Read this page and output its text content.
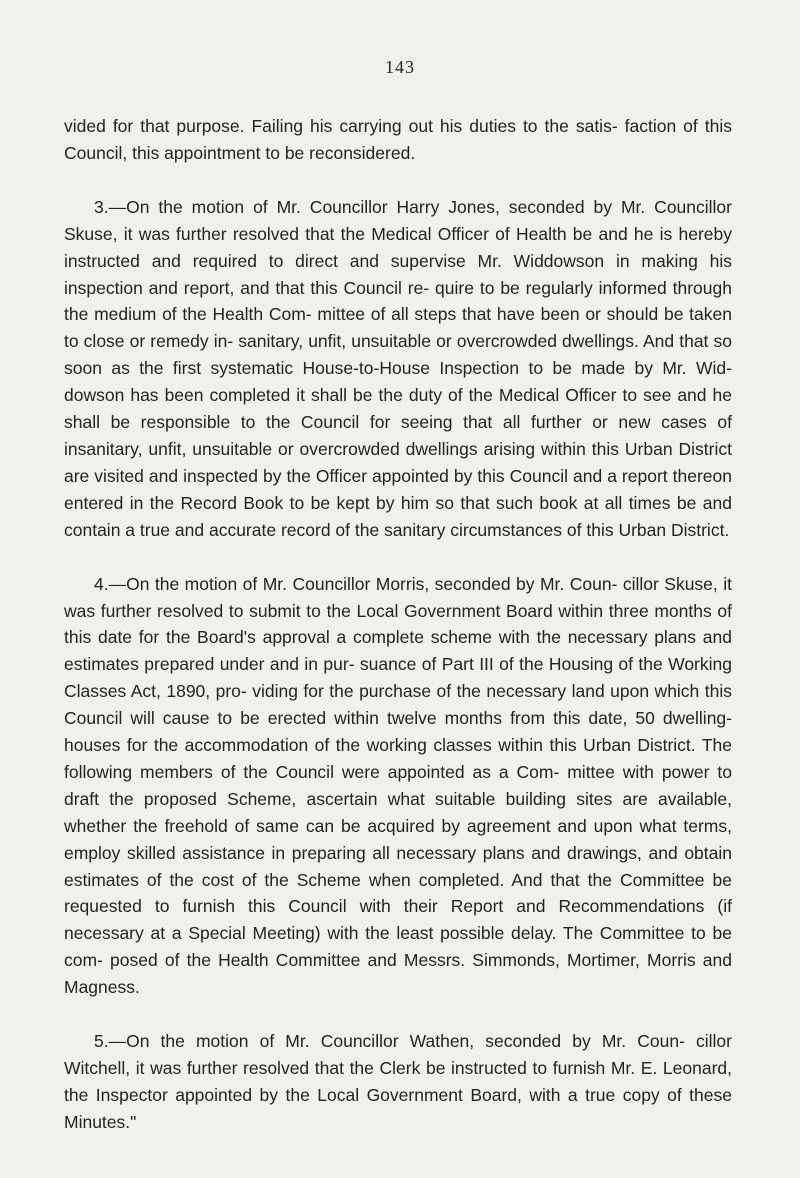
143

vided for that purpose. Failing his carrying out his duties to the satis- faction of this Council, this appointment to be reconsidered.

3.—On the motion of Mr. Councillor Harry Jones, seconded by Mr. Councillor Skuse, it was further resolved that the Medical Officer of Health be and he is hereby instructed and required to direct and supervise Mr. Widdowson in making his inspection and report, and that this Council re- quire to be regularly informed through the medium of the Health Com- mittee of all steps that have been or should be taken to close or remedy in- sanitary, unfit, unsuitable or overcrowded dwellings. And that so soon as the first systematic House-to-House Inspection to be made by Mr. Wid- dowson has been completed it shall be the duty of the Medical Officer to see and he shall be responsible to the Council for seeing that all further or new cases of insanitary, unfit, unsuitable or overcrowded dwellings arising within this Urban District are visited and inspected by the Officer appointed by this Council and a report thereon entered in the Record Book to be kept by him so that such book at all times be and contain a true and accurate record of the sanitary circumstances of this Urban District.

4.—On the motion of Mr. Councillor Morris, seconded by Mr. Coun- cillor Skuse, it was further resolved to submit to the Local Government Board within three months of this date for the Board's approval a complete scheme with the necessary plans and estimates prepared under and in pur- suance of Part III of the Housing of the Working Classes Act, 1890, pro- viding for the purchase of the necessary land upon which this Council will cause to be erected within twelve months from this date, 50 dwelling- houses for the accommodation of the working classes within this Urban District. The following members of the Council were appointed as a Com- mittee with power to draft the proposed Scheme, ascertain what suitable building sites are available, whether the freehold of same can be acquired by agreement and upon what terms, employ skilled assistance in preparing all necessary plans and drawings, and obtain estimates of the cost of the Scheme when completed. And that the Committee be requested to furnish this Council with their Report and Recommendations (if necessary at a Special Meeting) with the least possible delay. The Committee to be com- posed of the Health Committee and Messrs. Simmonds, Mortimer, Morris and Magness.

5.—On the motion of Mr. Councillor Wathen, seconded by Mr. Coun- cillor Witchell, it was further resolved that the Clerk be instructed to furnish Mr. E. Leonard, the Inspector appointed by the Local Government Board, with a true copy of these Minutes."
